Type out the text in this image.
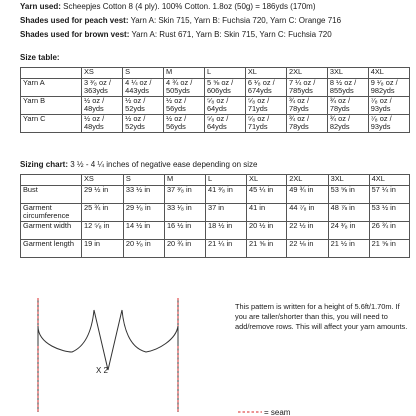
Yarn used: Scheepjes Cotton 8 (4 ply). 100% Cotton. 1.8oz (50g) = 186yds (170m)
Shades used for peach vest: Yarn A: Skin 715, Yarn B: Fuchsia 720, Yarn C: Orange 716
Shades used for brown vest: Yarn A: Rust 671, Yarn B: Skin 715, Yarn C: Fuchsia 720
Size table:
	XS	S	M	L	XL	2XL	3XL	4XL
Yarn A	3 ³⁄₈ oz / 363yds	4 ¼ oz / 443yds	4 ¾ oz / 505yds	5 ⅝ oz / 606yds	6 ¹⁄₈ oz / 674yds	7 ¼ oz / 785yds	8 ½ oz / 855yds	9 ¹⁄₈ oz / 982yds
Yarn B	½ oz / 48yds	½ oz / 52yds	½ oz / 56yds	⁵⁄₈ oz / 64yds	⁵⁄₈ oz / 71yds	¾ oz / 78yds	¾ oz / 78yds	⁷⁄₈ oz / 93yds
Yarn C	½ oz / 48yds	½ oz / 52yds	½ oz / 56yds	⁵⁄₈ oz / 64yds	⁵⁄₈ oz / 71yds	¾ oz / 78yds	¾ oz / 82yds	⁷⁄₈ oz / 93yds
Sizing chart: 3 ½ - 4 ¼ inches of negative ease depending on size
	XS	S	M	L	XL	2XL	3XL	4XL
Bust	29 ½ in	33 ½ in	37 ³⁄₈ in	41 ³⁄₈ in	45 ¼ in	49 ¾ in	53 ⅝ in	57 ¼ in
Garment circumference	25 ¾ in	29 ¹⁄₈ in	33 ¹⁄₈ in	37 in	41 in	44 ⁷⁄₈ in	48 ⅞ in	53 ½ in
Garment width	12 ⁵⁄₈ in	14 ½ in	16 ½ in	18 ½ in	20 ½ in	22 ½ in	24 ³⁄₈ in	26 ¾ in
Garment length	19 in	20 ¹⁄₈ in	20 ¾ in	21 ¼ in	21 ⅝ in	22 ⅛ in	21 ½ in	21 ⅝ in
This pattern is written for a height of 5.6ft/1.70m. If you are taller/shorter than this, you will need to add/remove rows. This will affect your yarn amounts.
X 2
= seam
